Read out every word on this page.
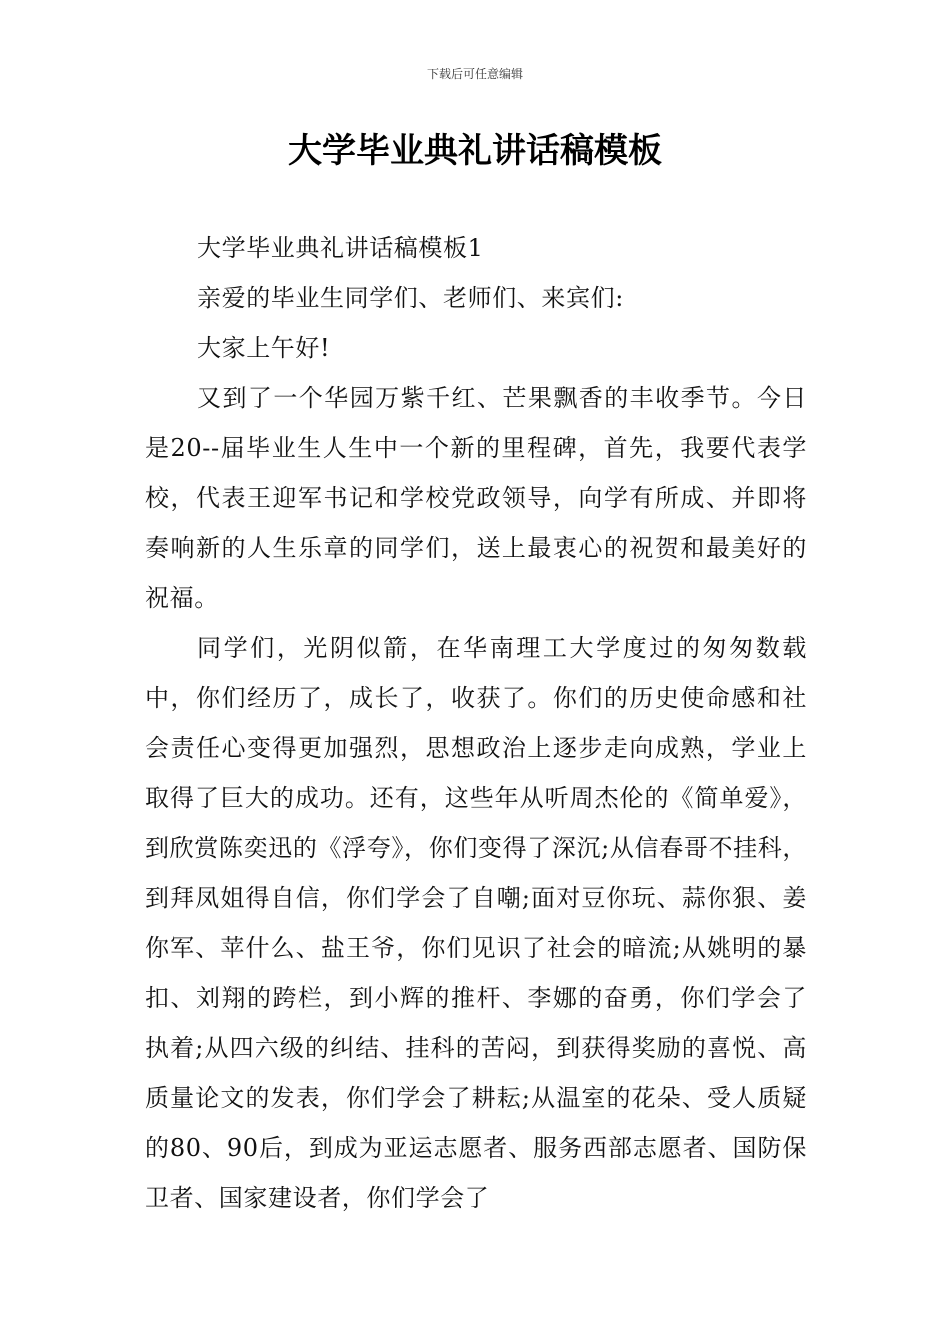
下载后可任意编辑
大学毕业典礼讲话稿模板

大学毕业典礼讲话稿模板1

亲爱的毕业生同学们、老师们、来宾们:

大家上午好!

又到了一个华园万紫千红、芒果飘香的丰收季节。今日是20--届毕业生人生中一个新的里程碑，首先，我要代表学校，代表王迎军书记和学校党政领导，向学有所成、并即将奏响新的人生乐章的同学们，送上最衷心的祝贺和最美好的祝福。

同学们，光阴似箭，在华南理工大学度过的匆匆数载中，你们经历了，成长了，收获了。你们的历史使命感和社会责任心变得更加强烈，思想政治上逐步走向成熟，学业上取得了巨大的成功。还有，这些年从听周杰伦的《简单爱》，到欣赏陈奕迅的《浮夸》，你们变得了深沉;从信春哥不挂科，到拜凤姐得自信，你们学会了自嘲;面对豆你玩、蒜你狠、姜你军、苹什么、盐王爷，你们见识了社会的暗流;从姚明的暴扣、刘翔的跨栏，到小辉的推杆、李娜的奋勇，你们学会了执着;从四六级的纠结、挂科的苦闷，到获得奖励的喜悦、高质量论文的发表，你们学会了耕耘;从温室的花朵、受人质疑的80、90后，到成为亚运志愿者、服务西部志愿者、国防保卫者、国家建设者，你们学会了
